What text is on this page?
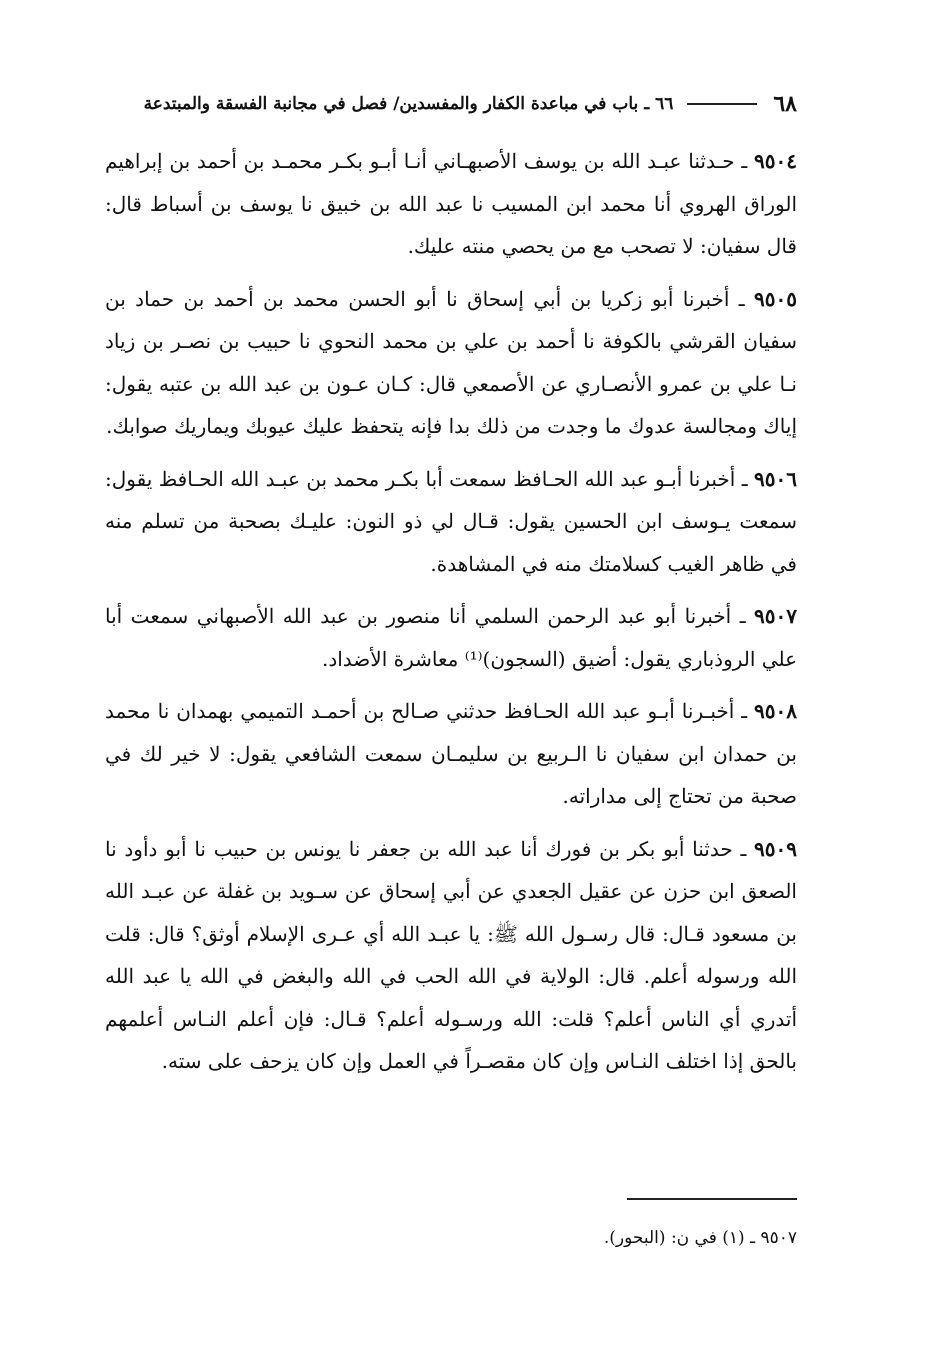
٦٨
٦٦ ـ باب في مباعدة الكفار والمفسدين/ فصل في مجانبة الفسقة والمبتدعة

٩٥٠٤ ـ حـدثنا عبـد الله بن يوسف الأصبهـاني أنـا أبـو بكـر محمـد بن أحمد بن إبراهيم الوراق الهروي أنا محمد ابن المسيب نا عبد الله بن خبيق نا يوسف بن أسباط قال: قال سفيان: لا تصحب مع من يحصي منته عليك.

٩٥٠٥ ـ أخبرنا أبو زكريا بن أبي إسحاق نا أبو الحسن محمد بن أحمد بن حماد بن سفيان القرشي بالكوفة نا أحمد بن علي بن محمد النحوي نا حبيب بن نصـر بن زياد نـا علي بن عمرو الأنصـاري عن الأصمعي قال: كـان عـون بن عبد الله بن عتبه يقول: إياك ومجالسة عدوك ما وجدت من ذلك بدا فإنه يتحفظ عليك عيوبك ويماريك صوابك.

٩٥٠٦ ـ أخبرنا أبـو عبد الله الحـافظ سمعت أبا بكـر محمد بن عبـد الله الحـافظ يقول: سمعت يـوسف ابن الحسين يقول: قـال لي ذو النون: عليـك بصحبة من تسلم منه في ظاهر الغيب كسلامتك منه في المشاهدة.

٩٥٠٧ ـ أخبرنا أبو عبد الرحمن السلمي أنا منصور بن عبد الله الأصبهاني سمعت أبا علي الروذباري يقول: أضيق (السجون)⁽¹⁾ معاشرة الأضداد.

٩٥٠٨ ـ أخبـرنا أبـو عبد الله الحـافظ حدثني صـالح بن أحمـد التميمي بهمدان نا محمد بن حمدان ابن سفيان نا الـربيع بن سليمـان سمعت الشافعي يقول: لا خير لك في صحبة من تحتاج إلى مداراته.

٩٥٠٩ ـ حدثنا أبو بكر بن فورك أنا عبد الله بن جعفر نا يونس بن حبيب نا أبو دأود نا الصعق ابن حزن عن عقيل الجعدي عن أبي إسحاق عن سـويد بن غفلة عن عبـد الله بن مسعود قـال: قال رسـول الله ﷺ: يا عبـد الله أي عـرى الإسلام أوثق؟ قال: قلت الله ورسوله أعلم. قال: الولاية في الله الحب في الله والبغض في الله يا عبد الله أتدري أي الناس أعلم؟ قلت: الله ورسـوله أعلم؟ قـال: فإن أعلم النـاس أعلمهم بالحق إذا اختلف النـاس وإن كان مقصـراً في العمل وإن كان يزحف على سته.

٩٥٠٧ ـ (١) في ن: (البحور).
